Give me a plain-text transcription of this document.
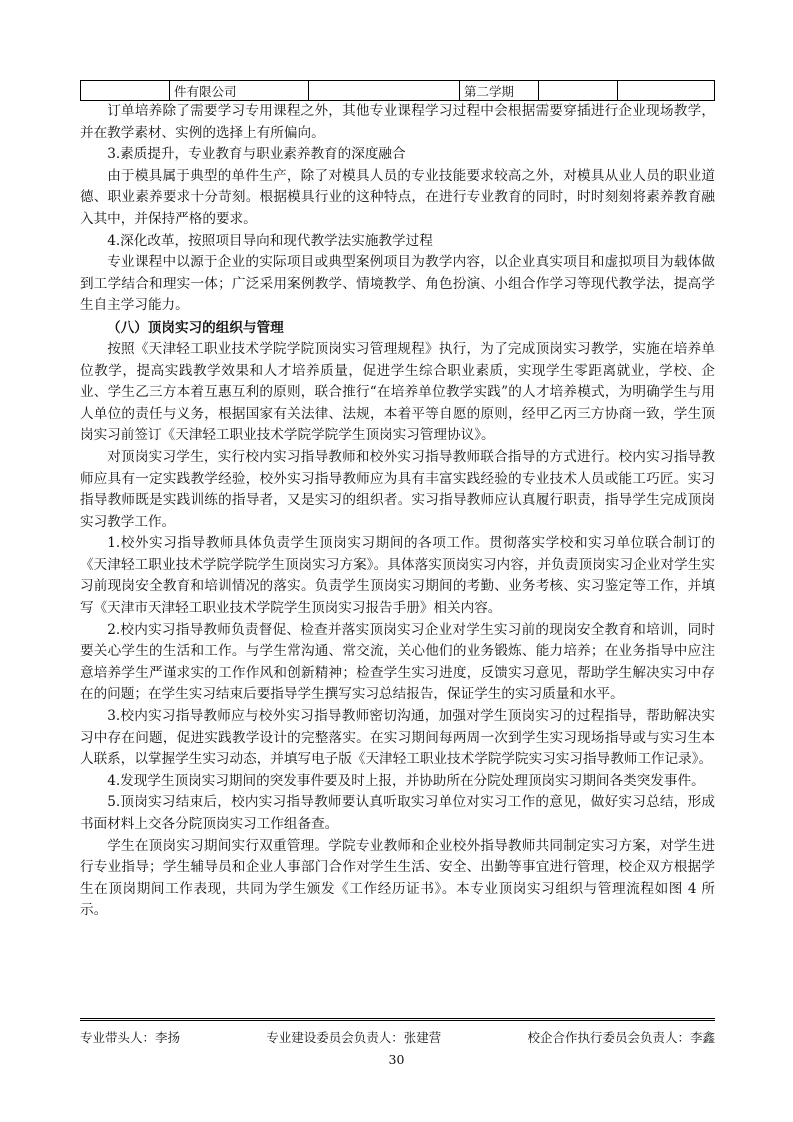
	件有限公司		第二学期		

订单培养除了需要学习专用课程之外，其他专业课程学习过程中会根据需要穿插进行企业现场教学，并在教学素材、实例的选择上有所偏向。

3.素质提升，专业教育与职业素养教育的深度融合

由于模具属于典型的单件生产，除了对模具人员的专业技能要求较高之外，对模具从业人员的职业道德、职业素养要求十分苛刻。根据模具行业的这种特点，在进行专业教育的同时，时时刻刻将素养教育融入其中，并保持严格的要求。

4.深化改革，按照项目导向和现代教学法实施教学过程

专业课程中以源于企业的实际项目或典型案例项目为教学内容，以企业真实项目和虚拟项目为载体做到工学结合和理实一体；广泛采用案例教学、情境教学、角色扮演、小组合作学习等现代教学法，提高学生自主学习能力。

（八）顶岗实习的组织与管理

按照《天津轻工职业技术学院学院顶岗实习管理规程》执行，为了完成顶岗实习教学，实施在培养单位教学，提高实践教学效果和人才培养质量，促进学生综合职业素质，实现学生零距离就业，学校、企业、学生乙三方本着互惠互利的原则，联合推行“在培养单位教学实践”的人才培养模式，为明确学生与用人单位的责任与义务，根据国家有关法律、法规，本着平等自愿的原则，经甲乙丙三方协商一致，学生顶岗实习前签订《天津轻工职业技术学院学院学生顶岗实习管理协议》。

对顶岗实习学生，实行校内实习指导教师和校外实习指导教师联合指导的方式进行。校内实习指导教师应具有一定实践教学经验，校外实习指导教师应为具有丰富实践经验的专业技术人员或能工巧匠。实习指导教师既是实践训练的指导者，又是实习的组织者。实习指导教师应认真履行职责，指导学生完成顶岗实习教学工作。

1.校外实习指导教师具体负责学生顶岗实习期间的各项工作。贯彻落实学校和实习单位联合制订的《天津轻工职业技术学院学院学生顶岗实习方案》。具体落实顶岗实习内容，并负责顶岗实习企业对学生实习前现岗安全教育和培训情况的落实。负责学生顶岗实习期间的考勤、业务考核、实习鉴定等工作，并填写《天津市天津轻工职业技术学院学生顶岗实习报告手册》相关内容。

2.校内实习指导教师负责督促、检查并落实顶岗实习企业对学生实习前的现岗安全教育和培训，同时要关心学生的生活和工作。与学生常沟通、常交流，关心他们的业务锻炼、能力培养；在业务指导中应注意培养学生严谨求实的工作作风和创新精神；检查学生实习进度，反馈实习意见，帮助学生解决实习中存在的问题；在学生实习结束后要指导学生撰写实习总结报告，保证学生的实习质量和水平。

3.校内实习指导教师应与校外实习指导教师密切沟通，加强对学生顶岗实习的过程指导，帮助解决实习中存在问题，促进实践教学设计的完整落实。在实习期间每两周一次到学生实习现场指导或与实习生本人联系，以掌握学生实习动态，并填写电子版《天津轻工职业技术学院学院实习实习指导教师工作记录》。

4.发现学生顶岗实习期间的突发事件要及时上报，并协助所在分院处理顶岗实习期间各类突发事件。

5.顶岗实习结束后，校内实习指导教师要认真听取实习单位对实习工作的意见，做好实习总结，形成书面材料上交各分院顶岗实习工作组备查。

学生在顶岗实习期间实行双重管理。学院专业教师和企业校外指导教师共同制定实习方案，对学生进行专业指导；学生辅导员和企业人事部门合作对学生生活、安全、出勤等事宜进行管理，校企双方根据学生在顶岗期间工作表现，共同为学生颁发《工作经历证书》。本专业顶岗实习组织与管理流程如图 4 所示。

专业带头人：李扬	专业建设委员会负责人：张建营	校企合作执行委员会负责人：李鑫
30
